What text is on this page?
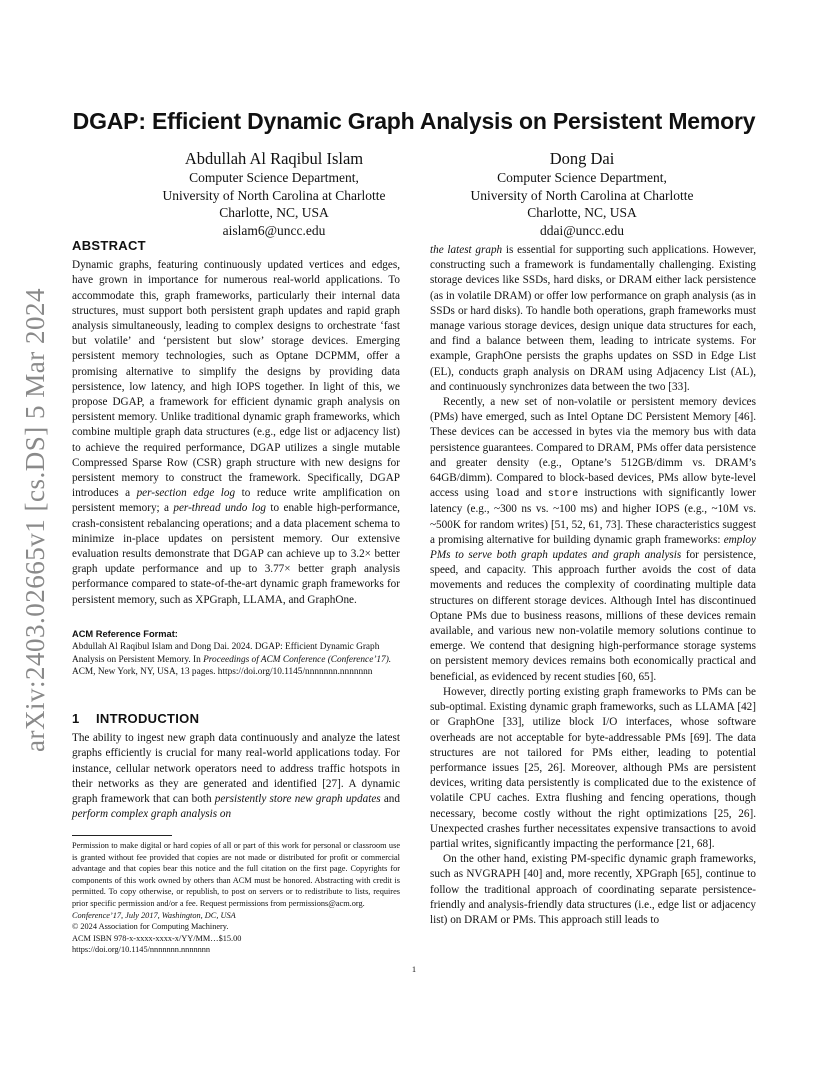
arXiv:2403.02665v1 [cs.DS] 5 Mar 2024
DGAP: Efficient Dynamic Graph Analysis on Persistent Memory
Abdullah Al Raqibul Islam
Computer Science Department,
University of North Carolina at Charlotte
Charlotte, NC, USA
aislam6@uncc.edu
Dong Dai
Computer Science Department,
University of North Carolina at Charlotte
Charlotte, NC, USA
ddai@uncc.edu
ABSTRACT

Dynamic graphs, featuring continuously updated vertices and edges, have grown in importance for numerous real-world applications. To accommodate this, graph frameworks, particularly their internal data structures, must support both persistent graph updates and rapid graph analysis simultaneously, leading to complex designs to orchestrate ‘fast but volatile’ and ‘persistent but slow’ storage devices. Emerging persistent memory technologies, such as Optane DCPMM, offer a promising alternative to simplify the designs by providing data persistence, low latency, and high IOPS together. In light of this, we propose DGAP, a framework for efficient dynamic graph analysis on persistent memory. Unlike traditional dynamic graph frameworks, which combine multiple graph data structures (e.g., edge list or adjacency list) to achieve the required performance, DGAP utilizes a single mutable Compressed Sparse Row (CSR) graph structure with new designs for persistent memory to construct the framework. Specifically, DGAP introduces a per-section edge log to reduce write amplification on persistent memory; a per-thread undo log to enable high-performance, crash-consistent rebalancing operations; and a data placement schema to minimize in-place updates on persistent memory. Our extensive evaluation results demonstrate that DGAP can achieve up to 3.2× better graph update performance and up to 3.77× better graph analysis performance compared to state-of-the-art dynamic graph frameworks for persistent memory, such as XPGraph, LLAMA, and GraphOne.

ACM Reference Format:
Abdullah Al Raqibul Islam and Dong Dai. 2024. DGAP: Efficient Dynamic Graph Analysis on Persistent Memory. In Proceedings of ACM Conference (Conference’17). ACM, New York, NY, USA, 13 pages. https://doi.org/10.1145/nnnnnnn.nnnnnnn
1 INTRODUCTION

The ability to ingest new graph data continuously and analyze the latest graphs efficiently is crucial for many real-world applications today. For instance, cellular network operators need to address traffic hotspots in their networks as they are generated and identified [27]. A dynamic graph framework that can both persistently store new graph updates and perform complex graph analysis on

Permission to make digital or hard copies of all or part of this work for personal or classroom use is granted without fee provided that copies are not made or distributed for profit or commercial advantage and that copies bear this notice and the full citation on the first page. Copyrights for components of this work owned by others than ACM must be honored. Abstracting with credit is permitted. To copy otherwise, or republish, to post on servers or to redistribute to lists, requires prior specific permission and/or a fee. Request permissions from permissions@acm.org.

Conference’17, July 2017, Washington, DC, USA

© 2024 Association for Computing Machinery.

ACM ISBN 978-x-xxxx-xxxx-x/YY/MM…$15.00

https://doi.org/10.1145/nnnnnnn.nnnnnnn

the latest graph is essential for supporting such applications. However, constructing such a framework is fundamentally challenging. Existing storage devices like SSDs, hard disks, or DRAM either lack persistence (as in volatile DRAM) or offer low performance on graph analysis (as in SSDs or hard disks). To handle both operations, graph frameworks must manage various storage devices, design unique data structures for each, and find a balance between them, leading to intricate systems. For example, GraphOne persists the graphs updates on SSD in Edge List (EL), conducts graph analysis on DRAM using Adjacency List (AL), and continuously synchronizes data between the two [33].

Recently, a new set of non-volatile or persistent memory devices (PMs) have emerged, such as Intel Optane DC Persistent Memory [46]. These devices can be accessed in bytes via the memory bus with data persistence guarantees. Compared to DRAM, PMs offer data persistence and greater density (e.g., Optane’s 512GB/dimm vs. DRAM’s 64GB/dimm). Compared to block-based devices, PMs allow byte-level access using load and store instructions with significantly lower latency (e.g., ~300 ns vs. ~100 ms) and higher IOPS (e.g., ~10M vs. ~500K for random writes) [51, 52, 61, 73]. These characteristics suggest a promising alternative for building dynamic graph frameworks: employ PMs to serve both graph updates and graph analysis for persistence, speed, and capacity. This approach further avoids the cost of data movements and reduces the complexity of coordinating multiple data structures on different storage devices. Although Intel has discontinued Optane PMs due to business reasons, millions of these devices remain available, and various new non-volatile memory solutions continue to emerge. We contend that designing high-performance storage systems on persistent memory devices remains both economically practical and beneficial, as evidenced by recent studies [60, 65].

However, directly porting existing graph frameworks to PMs can be sub-optimal. Existing dynamic graph frameworks, such as LLAMA [42] or GraphOne [33], utilize block I/O interfaces, whose software overheads are not acceptable for byte-addressable PMs [69]. The data structures are not tailored for PMs either, leading to potential performance issues [25, 26]. Moreover, although PMs are persistent devices, writing data persistently is complicated due to the existence of volatile CPU caches. Extra flushing and fencing operations, though necessary, become costly without the right optimizations [25, 26]. Unexpected crashes further necessitates expensive transactions to avoid partial writes, significantly impacting the performance [21, 68].

On the other hand, existing PM-specific dynamic graph frameworks, such as NVGRAPH [40] and, more recently, XPGraph [65], continue to follow the traditional approach of coordinating separate persistence-friendly and analysis-friendly data structures (i.e., edge list or adjacency list) on DRAM or PMs. This approach still leads to

1
